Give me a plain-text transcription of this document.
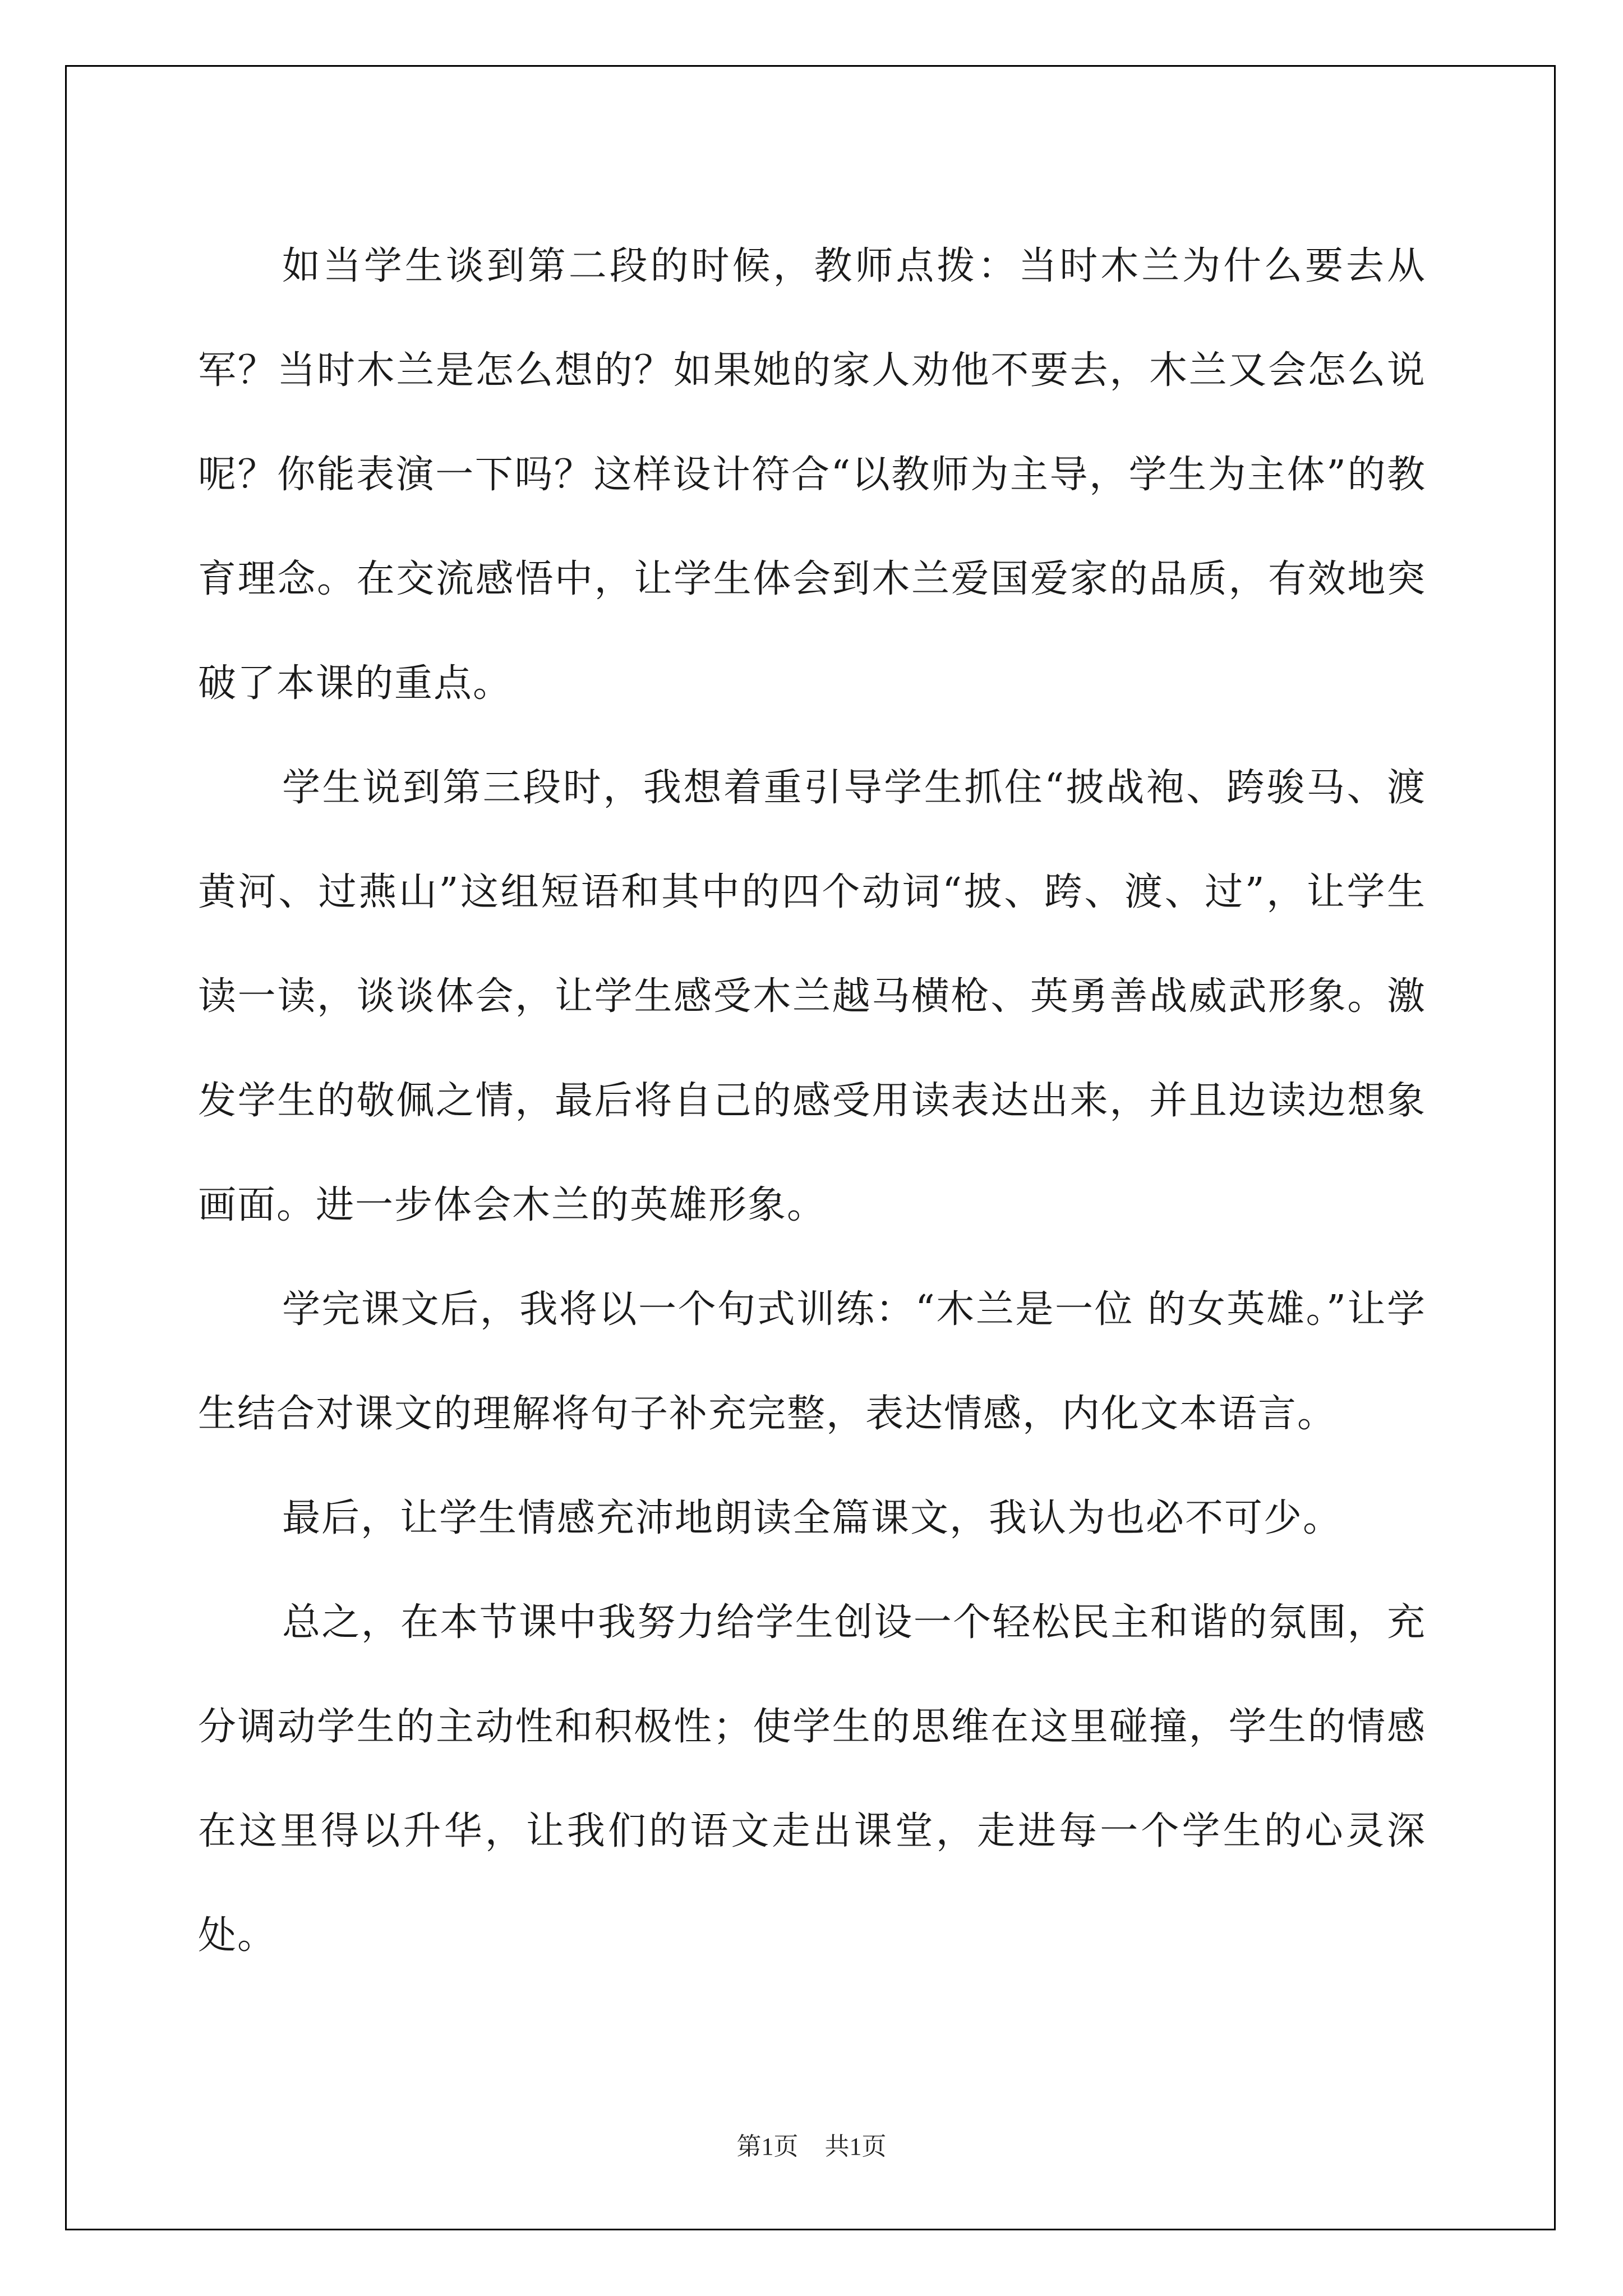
如当学生谈到第二段的时候，教师点拨：当时木兰为什么要去从军？当时木兰是怎么想的？如果她的家人劝他不要去，木兰又会怎么说呢？你能表演一下吗？这样设计符合“以教师为主导，学生为主体”的教育理念。在交流感悟中，让学生体会到木兰爱国爱家的品质，有效地突破了本课的重点。

学生说到第三段时，我想着重引导学生抓住“披战袍、跨骏马、渡黄河、过燕山”这组短语和其中的四个动词“披、跨、渡、过”，让学生读一读，谈谈体会，让学生感受木兰越马横枪、英勇善战威武形象。激发学生的敬佩之情，最后将自己的感受用读表达出来，并且边读边想象画面。进一步体会木兰的英雄形象。

学完课文后，我将以一个句式训练：“木兰是一位 的女英雄。”让学生结合对课文的理解将句子补充完整，表达情感，内化文本语言。

最后，让学生情感充沛地朗读全篇课文，我认为也必不可少。

总之，在本节课中我努力给学生创设一个轻松民主和谐的氛围，充分调动学生的主动性和积极性；使学生的思维在这里碰撞，学生的情感在这里得以升华，让我们的语文走出课堂，走进每一个学生的心灵深处。

第1页 共1页
